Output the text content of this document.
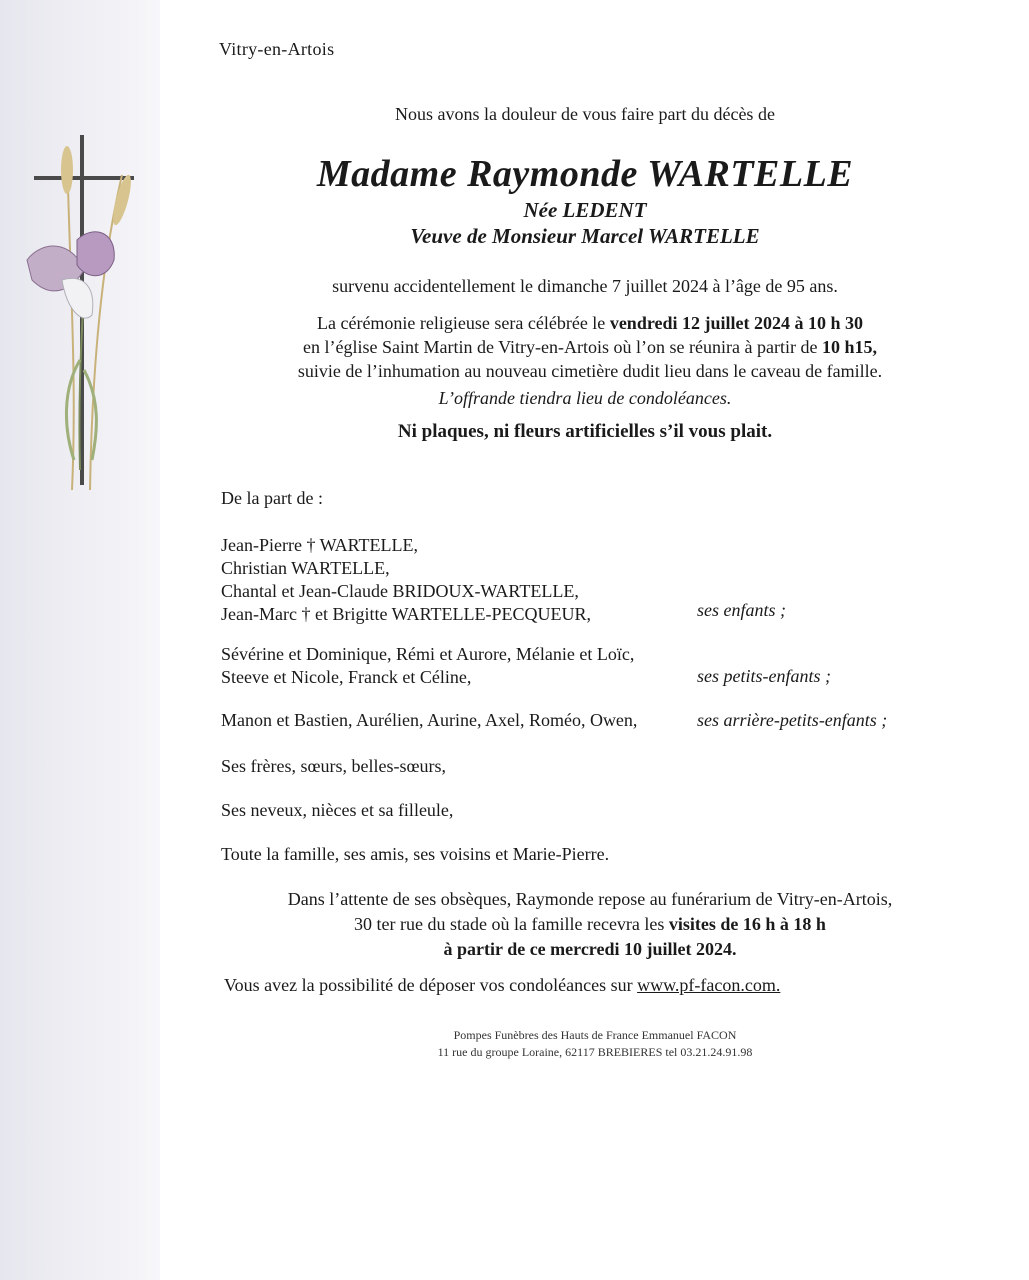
Vitry-en-Artois
Nous avons la douleur de vous faire part du décès de
Madame Raymonde WARTELLE
Née LEDENT
Veuve de Monsieur Marcel WARTELLE
survenu accidentellement le dimanche 7 juillet 2024 à l’âge de 95 ans.
La cérémonie religieuse sera célébrée le vendredi 12 juillet 2024 à 10 h 30
en l’église Saint Martin de Vitry-en-Artois où l’on se réunira à partir de 10 h15,
suivie de l’inhumation au nouveau cimetière dudit lieu dans le caveau de famille.
L’offrande tiendra lieu de condoléances.
Ni plaques, ni fleurs artificielles s’il vous plait.
De la part de :
Jean-Pierre † WARTELLE,
Christian WARTELLE,
Chantal et Jean-Claude BRIDOUX-WARTELLE,
Jean-Marc † et Brigitte WARTELLE-PECQUEUR,	ses enfants ;
Sévérine et Dominique, Rémi et Aurore, Mélanie et Loïc,
Steeve et Nicole, Franck et Céline,	ses petits-enfants ;
Manon et Bastien, Aurélien, Aurine, Axel, Roméo, Owen,	ses arrière-petits-enfants ;
Ses frères, sœurs, belles-sœurs,
Ses neveux, nièces et sa filleule,
Toute la famille, ses amis, ses voisins et Marie-Pierre.
Dans l’attente de ses obsèques, Raymonde repose au funérarium de Vitry-en-Artois,
30 ter rue du stade où la famille recevra les visites de 16 h à 18 h
à partir de ce mercredi 10 juillet 2024.
Vous avez la possibilité de déposer vos condoléances sur www.pf-facon.com.
Pompes Funèbres des Hauts de France Emmanuel FACON
11 rue du groupe Loraine, 62117 BREBIERES tel 03.21.24.91.98
